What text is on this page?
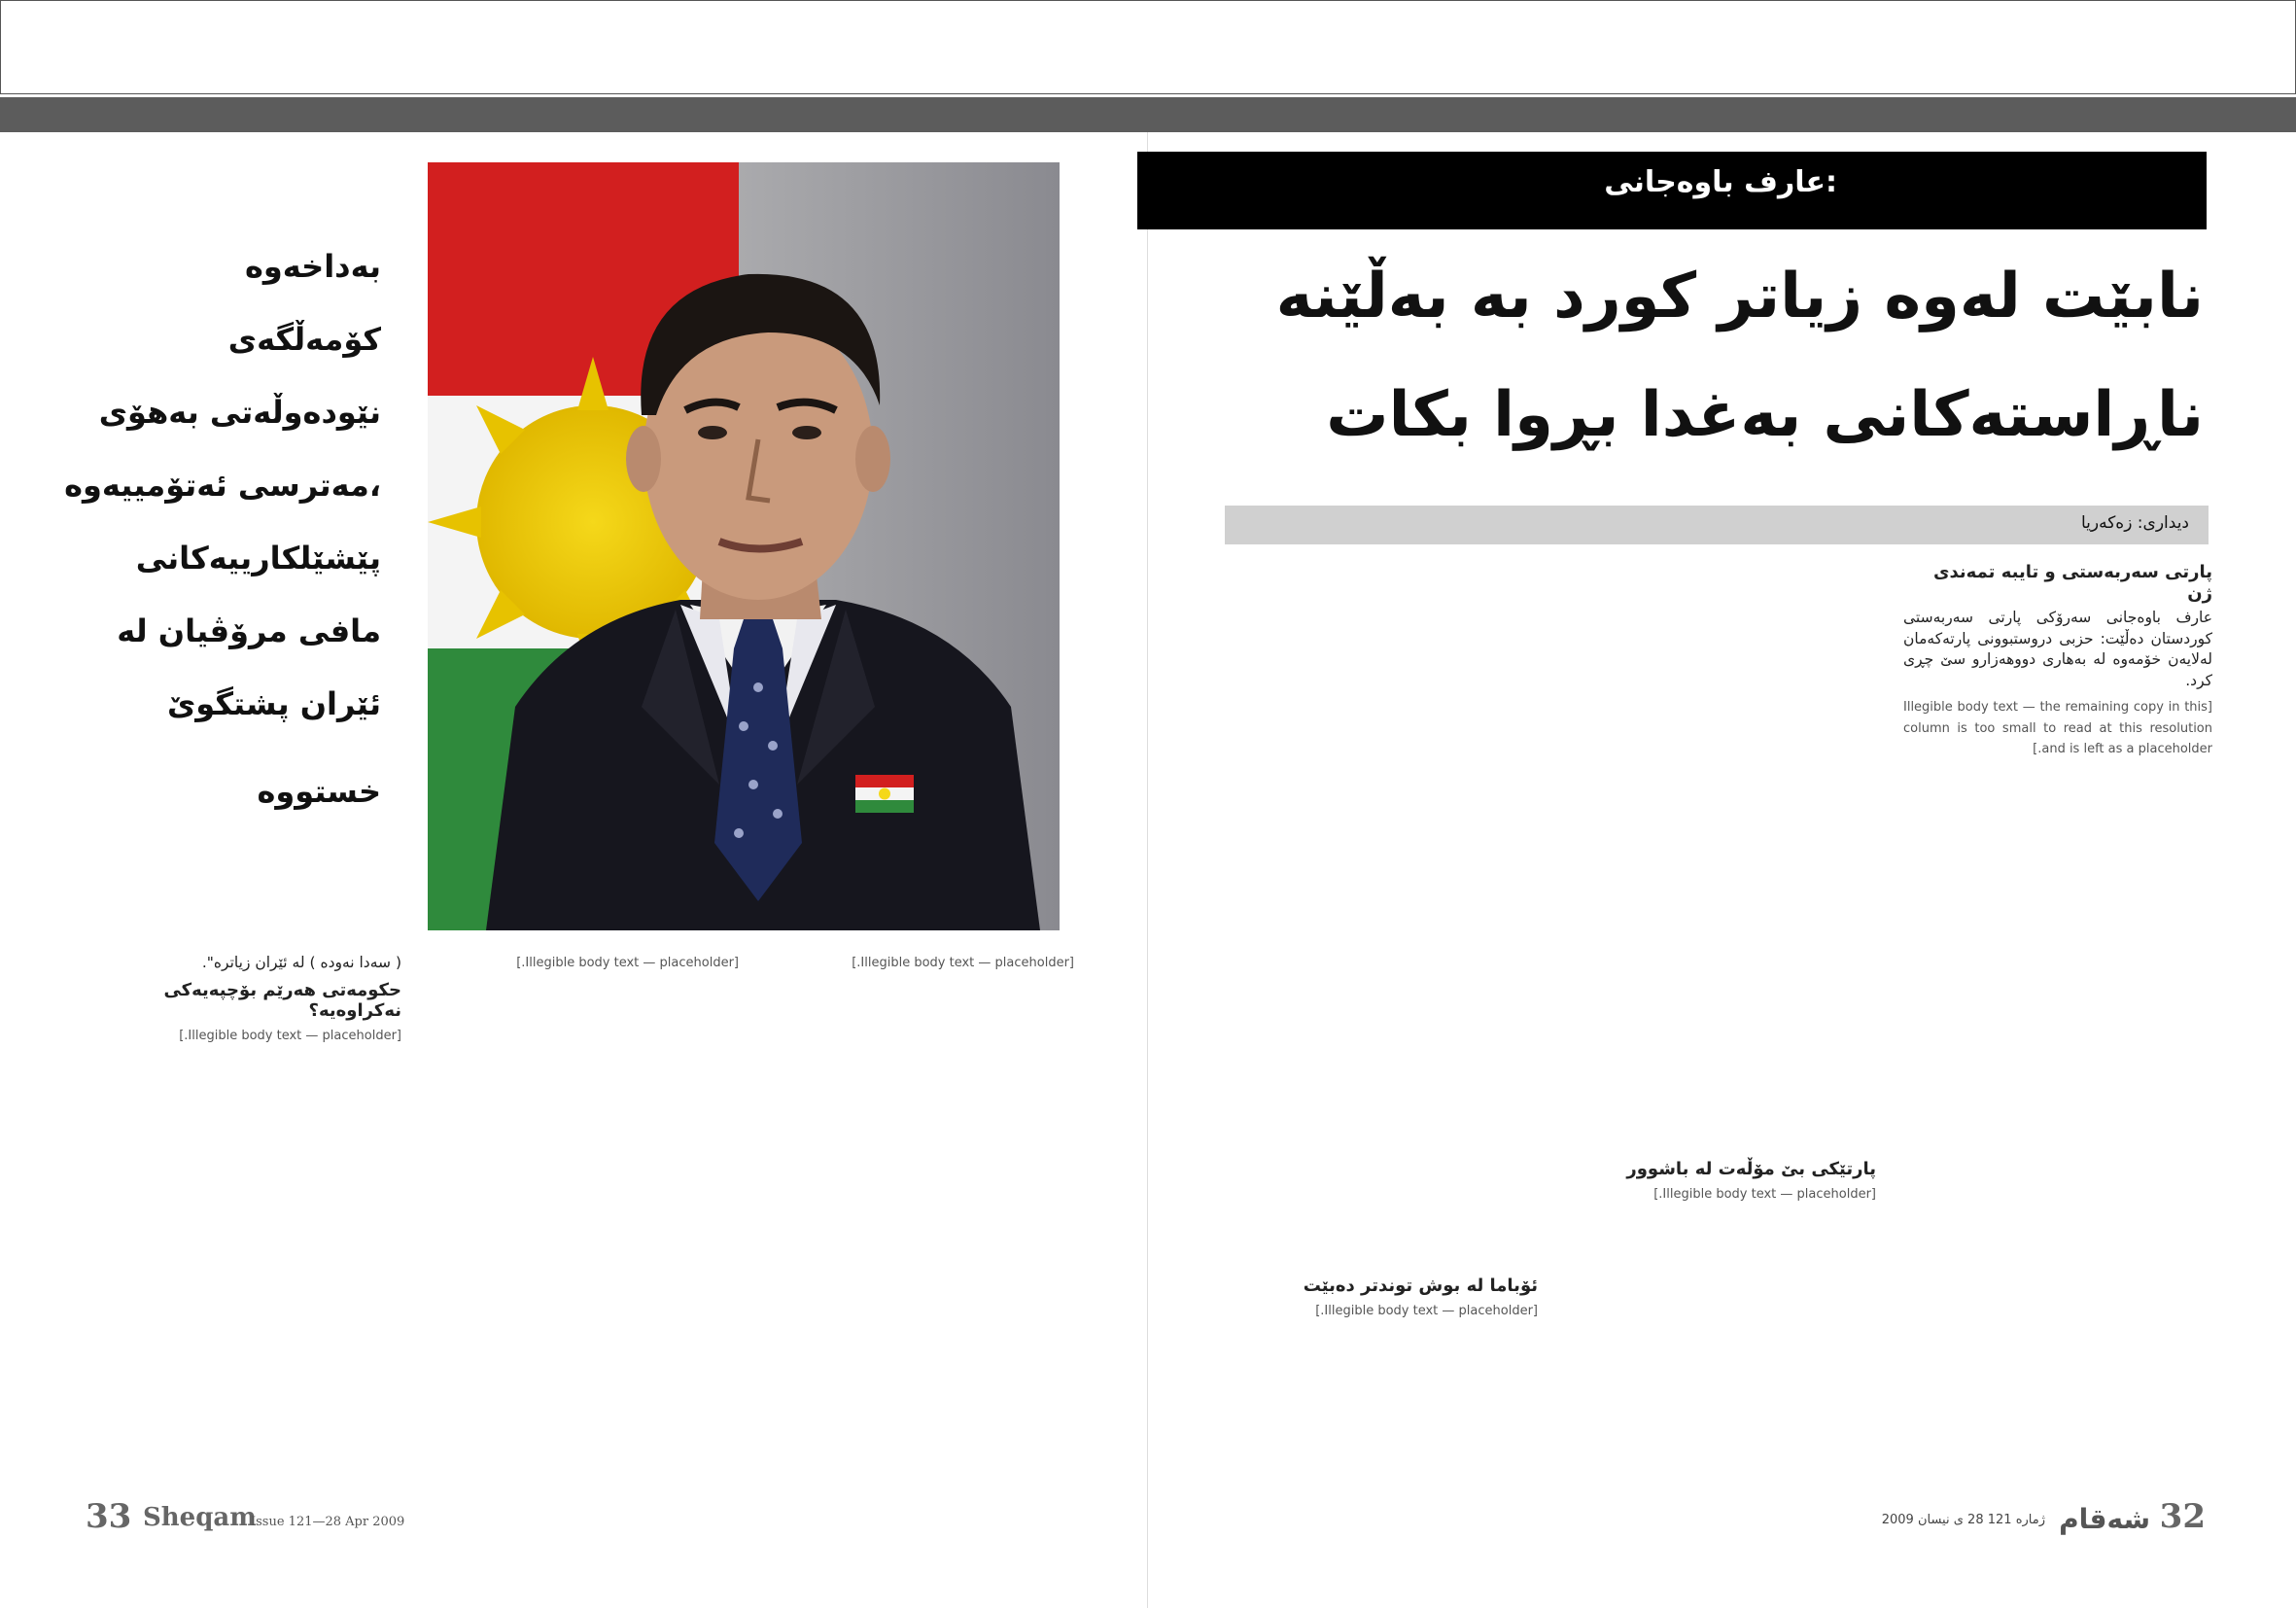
عارف باوەجانی:
نابێت لەوە زیاتر کورد بە بەڵێنە
ناڕاستەکانی بەغدا بڕوا بکات
دیداری: زەکەریا
پارتی سەربەستی و تایبە تمەندی ژن

عارف باوەجانی سەرۆکی پارتی سەربەستی کوردستان دەڵێت: حزبی دروستبوونی پارتەکەمان لەلایەن خۆمەوە لە بەهاری دووهەزارو سێ چڕی کرد.

[Illegible body text — the remaining copy in this column is too small to read at this resolution and is left as a placeholder.]

پارتێکی بێ مۆڵەت لە باشوور

[Illegible body text — placeholder.]

ئۆباما لە بوش توندتر دەبێت

[Illegible body text — placeholder.]

32
شەقام
ژمارە 121 28 ی نیسان 2009
بەداخەوە
کۆمەڵگەی
نێودەوڵەتی بەهۆی
مەترسی ئەتۆمییەوە،
پێشێلکارییەکانی
مافی مرۆڤیان لە
ئێران پشتگوێ
خستووە

[Illegible body text — placeholder.]

[Illegible body text — placeholder.]

( سەدا نەودە ) لە ئێران زیاترە".

حکومەتی هەرێم بۆچپەیەکی نەکراوەیە؟

[Illegible body text — placeholder.]

33 Sheqam
Issue 121—28 Apr 2009
